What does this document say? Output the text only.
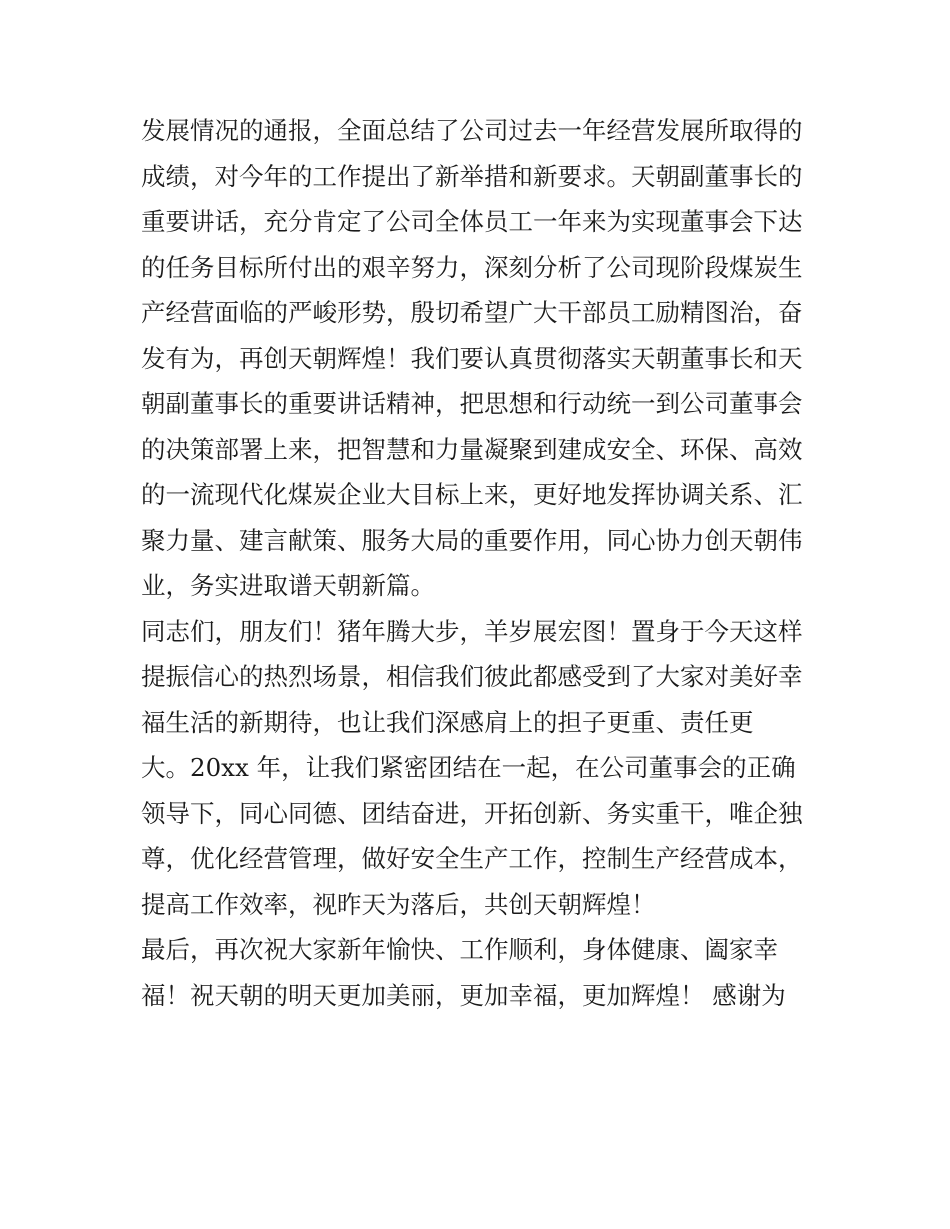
发展情况的通报，全面总结了公司过去一年经营发展所取得的
成绩，对今年的工作提出了新举措和新要求。天朝副董事长的
重要讲话，充分肯定了公司全体员工一年来为实现董事会下达
的任务目标所付出的艰辛努力，深刻分析了公司现阶段煤炭生
产经营面临的严峻形势，殷切希望广大干部员工励精图治，奋
发有为，再创天朝辉煌！我们要认真贯彻落实天朝董事长和天
朝副董事长的重要讲话精神，把思想和行动统一到公司董事会
的决策部署上来，把智慧和力量凝聚到建成安全、环保、高效
的一流现代化煤炭企业大目标上来，更好地发挥协调关系、汇
聚力量、建言献策、服务大局的重要作用，同心协力创天朝伟
业，务实进取谱天朝新篇。
同志们，朋友们！猪年腾大步，羊岁展宏图！置身于今天这样
提振信心的热烈场景，相信我们彼此都感受到了大家对美好幸
福生活的新期待，也让我们深感肩上的担子更重、责任更
大。20xx 年，让我们紧密团结在一起，在公司董事会的正确
领导下，同心同德、团结奋进，开拓创新、务实重干，唯企独
尊，优化经营管理，做好安全生产工作，控制生产经营成本，
提高工作效率，视昨天为落后，共创天朝辉煌！
最后，再次祝大家新年愉快、工作顺利，身体健康、阖家幸
福！祝天朝的明天更加美丽，更加幸福，更加辉煌！ 感谢为
